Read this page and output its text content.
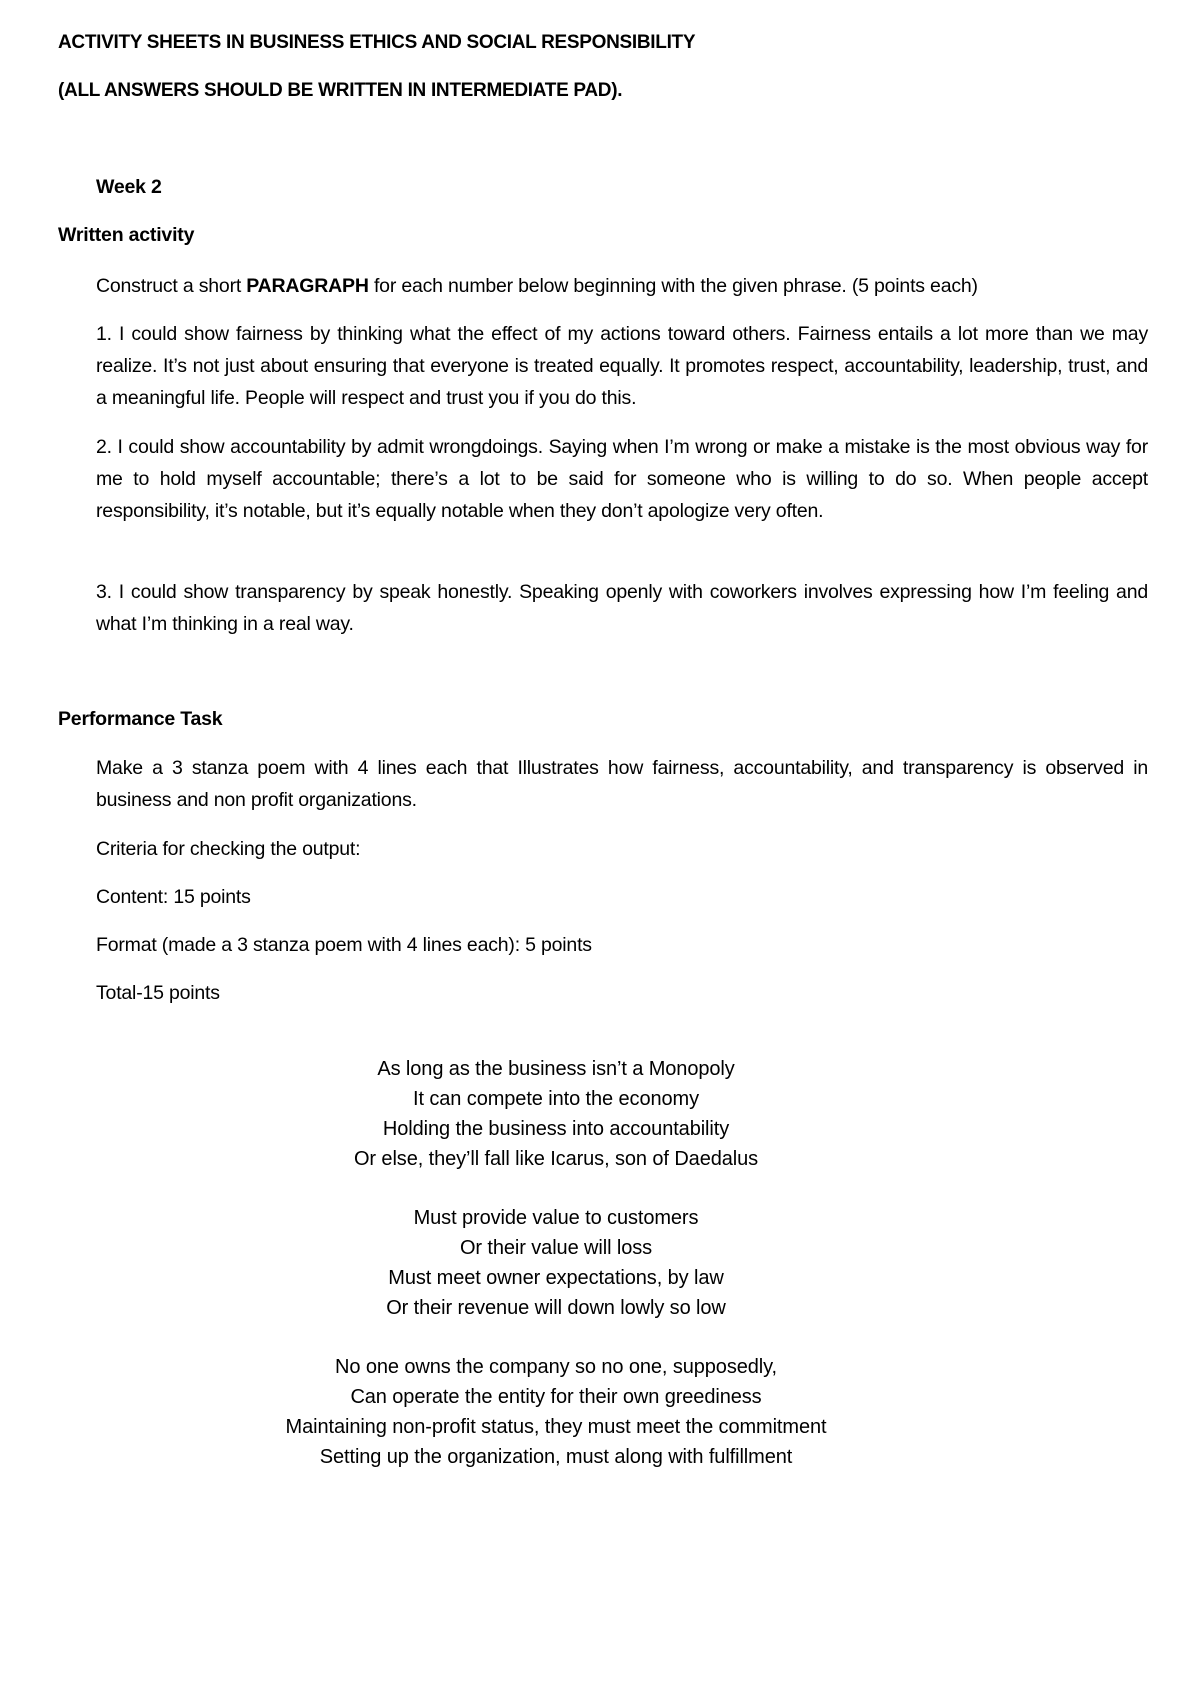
ACTIVITY SHEETS IN BUSINESS ETHICS AND SOCIAL RESPONSIBILITY
(ALL ANSWERS SHOULD BE WRITTEN IN INTERMEDIATE PAD).
Week 2
Written activity
Construct a short PARAGRAPH for each number below beginning with the given phrase. (5 points each)
1. I could show fairness by thinking what the effect of my actions toward others. Fairness entails a lot more than we may realize. It’s not just about ensuring that everyone is treated equally. It promotes respect, accountability, leadership, trust, and a meaningful life. People will respect and trust you if you do this.
2. I could show accountability by admit wrongdoings. Saying when I’m wrong or make a mistake is the most obvious way for me to hold myself accountable; there’s a lot to be said for someone who is willing to do so. When people accept responsibility, it’s notable, but it’s equally notable when they don’t apologize very often.
3. I could show transparency by speak honestly. Speaking openly with coworkers involves expressing how I’m feeling and what I’m thinking in a real way.
Performance Task
Make a 3 stanza poem with 4 lines each that Illustrates how fairness, accountability, and transparency is observed in business and non profit organizations.
Criteria for checking the output:
Content: 15 points
Format (made a 3 stanza poem with 4 lines each): 5 points
Total-15 points
As long as the business isn’t a Monopoly
It can compete into the economy
Holding the business into accountability
Or else, they’ll fall like Icarus, son of Daedalus
Must provide value to customers
Or their value will loss
Must meet owner expectations, by law
Or their revenue will down lowly so low
No one owns the company so no one, supposedly,
Can operate the entity for their own greediness
Maintaining non-profit status, they must meet the commitment
Setting up the organization, must along with fulfillment
